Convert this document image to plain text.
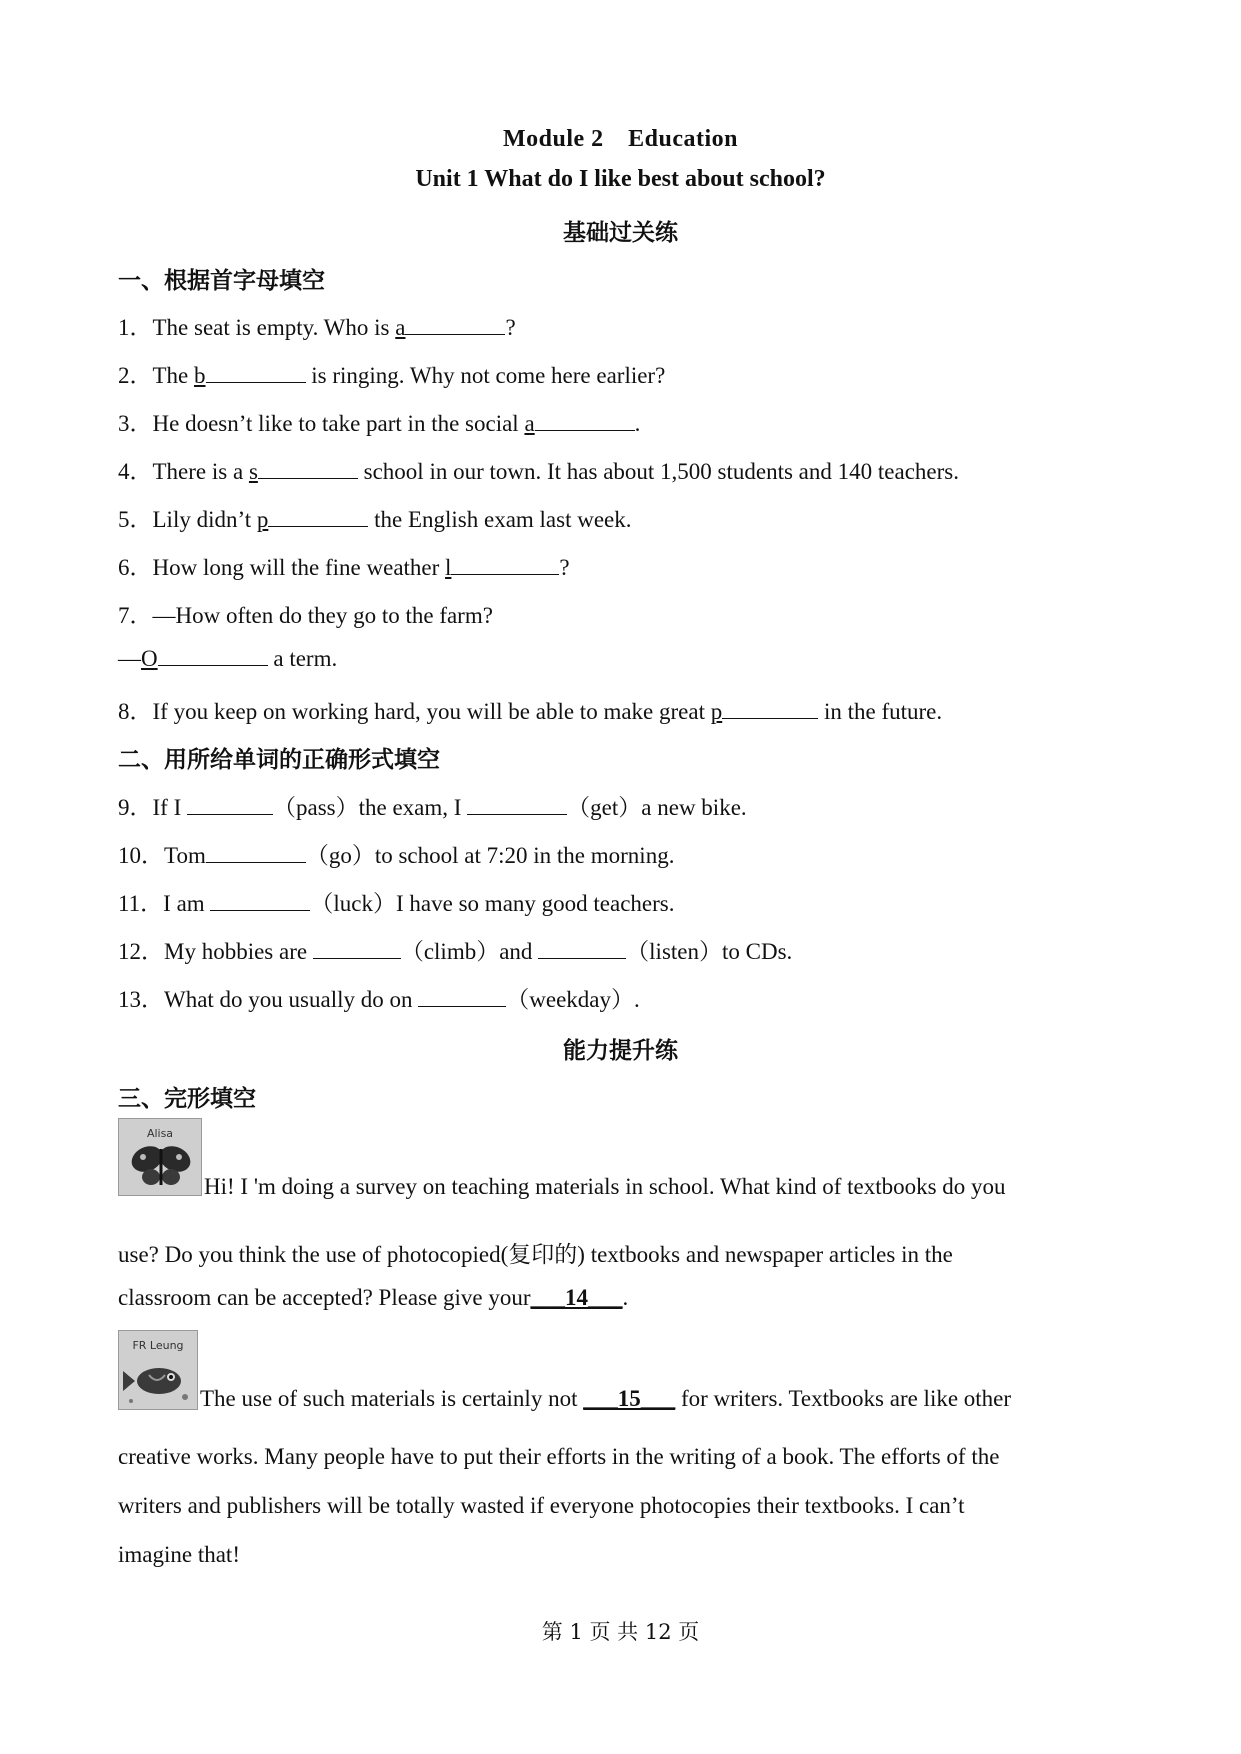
Module 2　Education
Unit 1 What do I like best about school?
基础过关练
一、根据首字母填空
1．The seat is empty. Who is a	?
2．The b	is ringing. Why not come here earlier?
3．He doesn’t like to take part in the social a	.
4．There is a s	school in our town. It has about 1,500 students and 140 teachers.
5．Lily didn’t p	the English exam last week.
6．How long will the fine weather l	?
7．—How often do they go to the farm?
—O	a term.
8．If you keep on working hard, you will be able to make great p	in the future.
二、用所给单词的正确形式填空
9．If I	（pass）the exam, I	（get）a new bike.
10．Tom	（go）to school at 7:20 in the morning.
11．I am	（luck）I have so many good teachers.
12．My hobbies are	（climb）and	（listen）to CDs.
13．What do you usually do on	（weekday）.
能力提升练
三、完形填空
Alisa
Hi! I 'm doing a survey on teaching materials in school. What kind of textbooks do you
use? Do you think the use of photocopied(复印的) textbooks and newspaper articles in the
classroom can be accepted? Please give your___14___.
FR Leung
The use of such materials is certainly not ___15___ for writers. Textbooks are like other
creative works. Many people have to put their efforts in the writing of a book. The efforts of the
writers and publishers will be totally wasted if everyone photocopies their textbooks. I can’t
imagine that!
第 1 页 共 12 页
